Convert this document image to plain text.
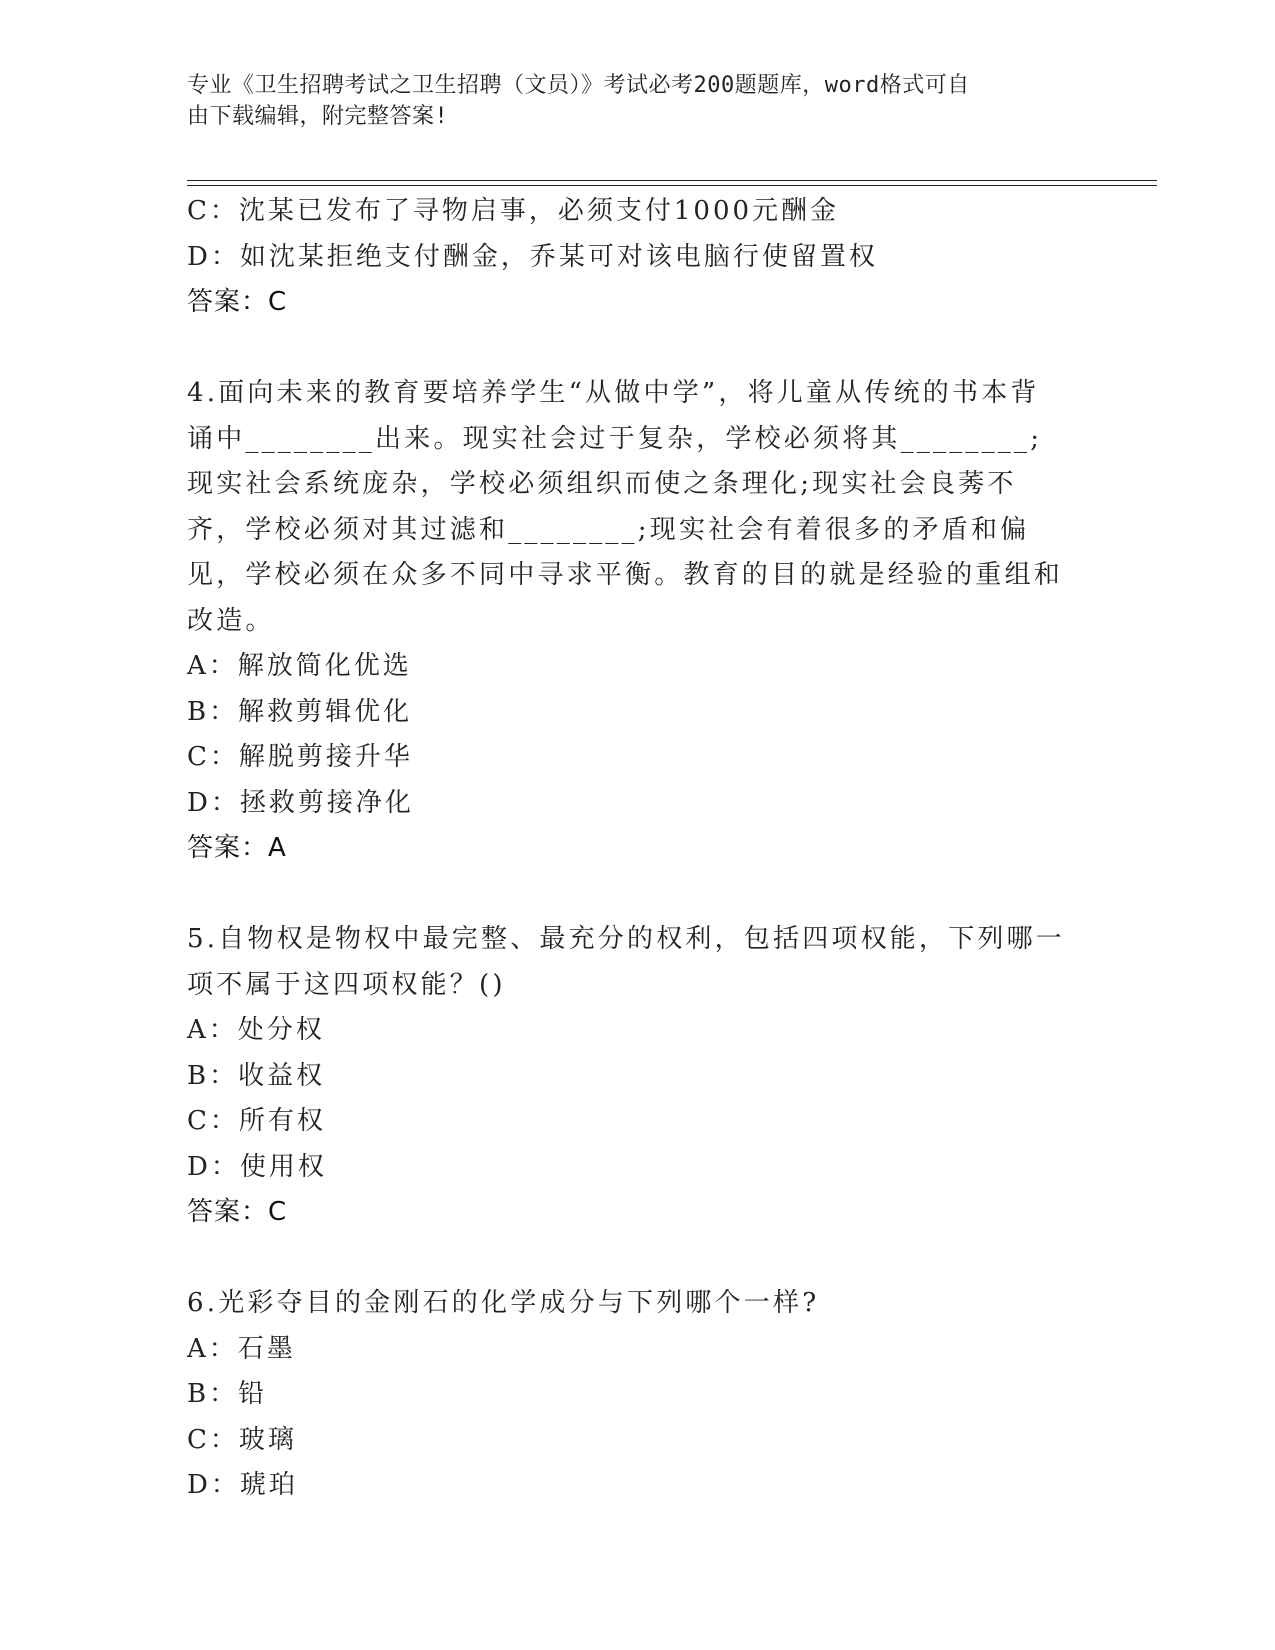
专业《卫生招聘考试之卫生招聘（文员）》考试必考200题题库，word格式可自
由下载编辑，附完整答案!
C：沈某已发布了寻物启事，必须支付1000元酬金
D：如沈某拒绝支付酬金，乔某可对该电脑行使留置权
答案：C
4.面向未来的教育要培养学生“从做中学”，将儿童从传统的书本背诵中________出来。现实社会过于复杂，学校必须将其________;现实社会系统庞杂，学校必须组织而使之条理化;现实社会良莠不齐，学校必须对其过滤和________;现实社会有着很多的矛盾和偏见，学校必须在众多不同中寻求平衡。教育的目的就是经验的重组和改造。
A：解放简化优选
B：解救剪辑优化
C：解脱剪接升华
D：拯救剪接净化
答案：A
5.自物权是物权中最完整、最充分的权利，包括四项权能，下列哪一项不属于这四项权能？()
A：处分权
B：收益权
C：所有权
D：使用权
答案：C
6.光彩夺目的金刚石的化学成分与下列哪个一样?
A：石墨
B：铅
C：玻璃
D：琥珀
